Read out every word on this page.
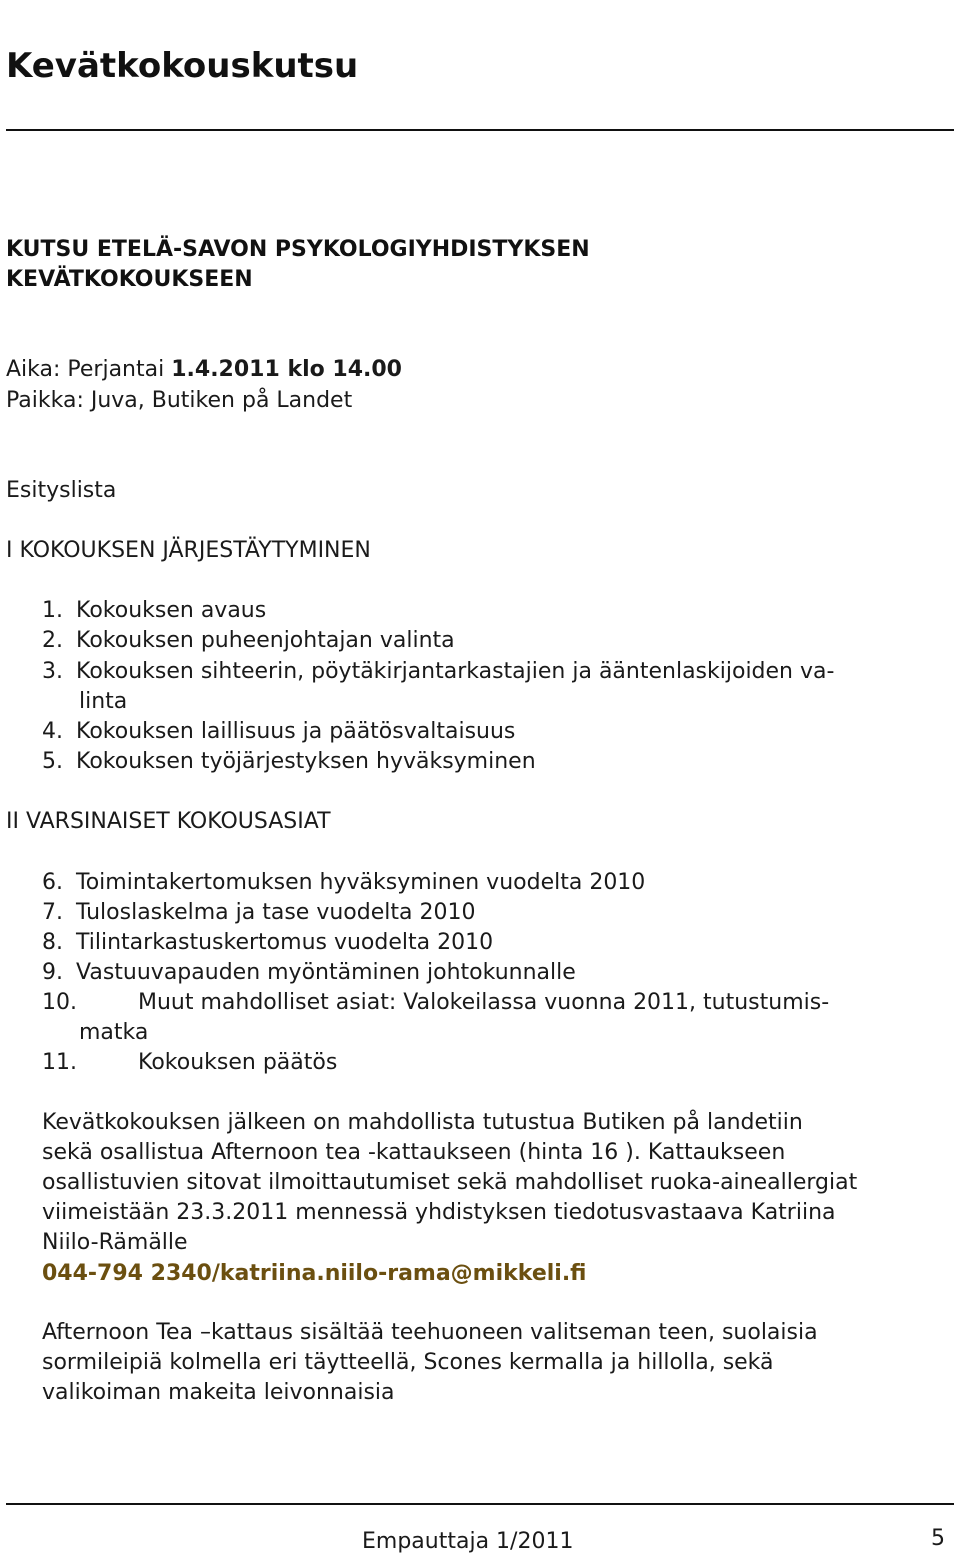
Kevätkokouskutsu
KUTSU ETELÄ-SAVON PSYKOLOGIYHDISTYKSEN
KEVÄTKOKOUKSEEN
Aika: Perjantai 1.4.2011 klo 14.00
Paikka: Juva, Butiken på Landet
Esityslista
I KOKOUKSEN JÄRJESTÄYTYMINEN
1. Kokouksen avaus
2. Kokouksen puheenjohtajan valinta
3. Kokouksen sihteerin, pöytäkirjantarkastajien ja ääntenlaskijoiden va-
linta
4. Kokouksen laillisuus ja päätösvaltaisuus
5. Kokouksen työjärjestyksen hyväksyminen
II VARSINAISET KOKOUSASIAT
6. Toimintakertomuksen hyväksyminen vuodelta 2010
7. Tuloslaskelma ja tase vuodelta 2010
8. Tilintarkastuskertomus vuodelta 2010
9. Vastuuvapauden myöntäminen johtokunnalle
10.	Muut mahdolliset asiat: Valokeilassa vuonna 2011, tutustumis-
matka
11.	Kokouksen päätös
Kevätkokouksen jälkeen on mahdollista tutustua Butiken på landetiin
sekä osallistua Afternoon tea -kattaukseen (hinta 16 ). Kattaukseen
osallistuvien sitovat ilmoittautumiset sekä mahdolliset ruoka-aineallergiat
viimeistään 23.3.2011 mennessä yhdistyksen tiedotusvastaava Katriina
Niilo-Rämälle
044-794 2340/katriina.niilo-rama@mikkeli.fi
Afternoon Tea –kattaus sisältää teehuoneen valitseman teen, suolaisia
sormileipiä kolmella eri täytteellä, Scones kermalla ja hillolla, sekä
valikoiman makeita leivonnaisia
Empauttaja 1/2011	5
